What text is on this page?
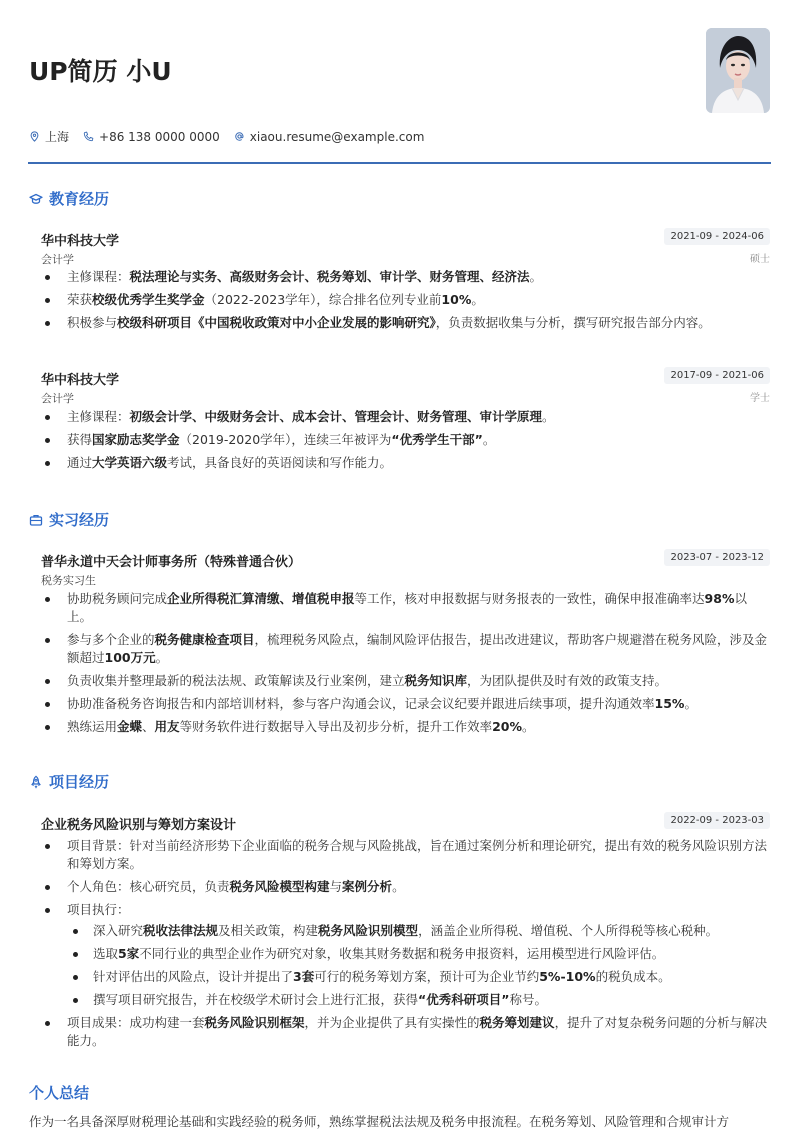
UP简历 小U
上海	+86 138 0000 0000	xiaou.resume@example.com
教育经历
华中科技大学
会计学
2021-09 - 2024-06
硕士
主修课程：税法理论与实务、高级财务会计、税务筹划、审计学、财务管理、经济法。
荣获校级优秀学生奖学金（2022-2023学年），综合排名位列专业前10%。
积极参与校级科研项目《中国税收政策对中小企业发展的影响研究》，负责数据收集与分析，撰写研究报告部分内容。
华中科技大学
会计学
2017-09 - 2021-06
学士
主修课程：初级会计学、中级财务会计、成本会计、管理会计、财务管理、审计学原理。
获得国家励志奖学金（2019-2020学年），连续三年被评为“优秀学生干部”。
通过大学英语六级考试，具备良好的英语阅读和写作能力。
实习经历
普华永道中天会计师事务所（特殊普通合伙）
税务实习生
2023-07 - 2023-12
协助税务顾问完成企业所得税汇算清缴、增值税申报等工作，核对申报数据与财务报表的一致性，确保申报准确率达98%以上。
参与多个企业的税务健康检查项目，梳理税务风险点，编制风险评估报告，提出改进建议，帮助客户规避潜在税务风险，涉及金额超过100万元。
负责收集并整理最新的税法法规、政策解读及行业案例，建立税务知识库，为团队提供及时有效的政策支持。
协助准备税务咨询报告和内部培训材料，参与客户沟通会议，记录会议纪要并跟进后续事项，提升沟通效率15%。
熟练运用金蝶、用友等财务软件进行数据导入导出及初步分析，提升工作效率20%。
项目经历
企业税务风险识别与筹划方案设计	2022-09 - 2023-03
项目背景：针对当前经济形势下企业面临的税务合规与风险挑战，旨在通过案例分析和理论研究，提出有效的税务风险识别方法和筹划方案。
个人角色：核心研究员，负责税务风险模型构建与案例分析。
项目执行：
深入研究税收法律法规及相关政策，构建税务风险识别模型，涵盖企业所得税、增值税、个人所得税等核心税种。
选取5家不同行业的典型企业作为研究对象，收集其财务数据和税务申报资料，运用模型进行风险评估。
针对评估出的风险点，设计并提出了3套可行的税务筹划方案，预计可为企业节约5%-10%的税负成本。
撰写项目研究报告，并在校级学术研讨会上进行汇报，获得“优秀科研项目”称号。
项目成果：成功构建一套税务风险识别框架，并为企业提供了具有实操性的税务筹划建议，提升了对复杂税务问题的分析与解决能力。
个人总结
作为一名具备深厚财税理论基础和实践经验的税务师，熟练掌握税法法规及税务申报流程。在税务筹划、风险管理和合规审计方
